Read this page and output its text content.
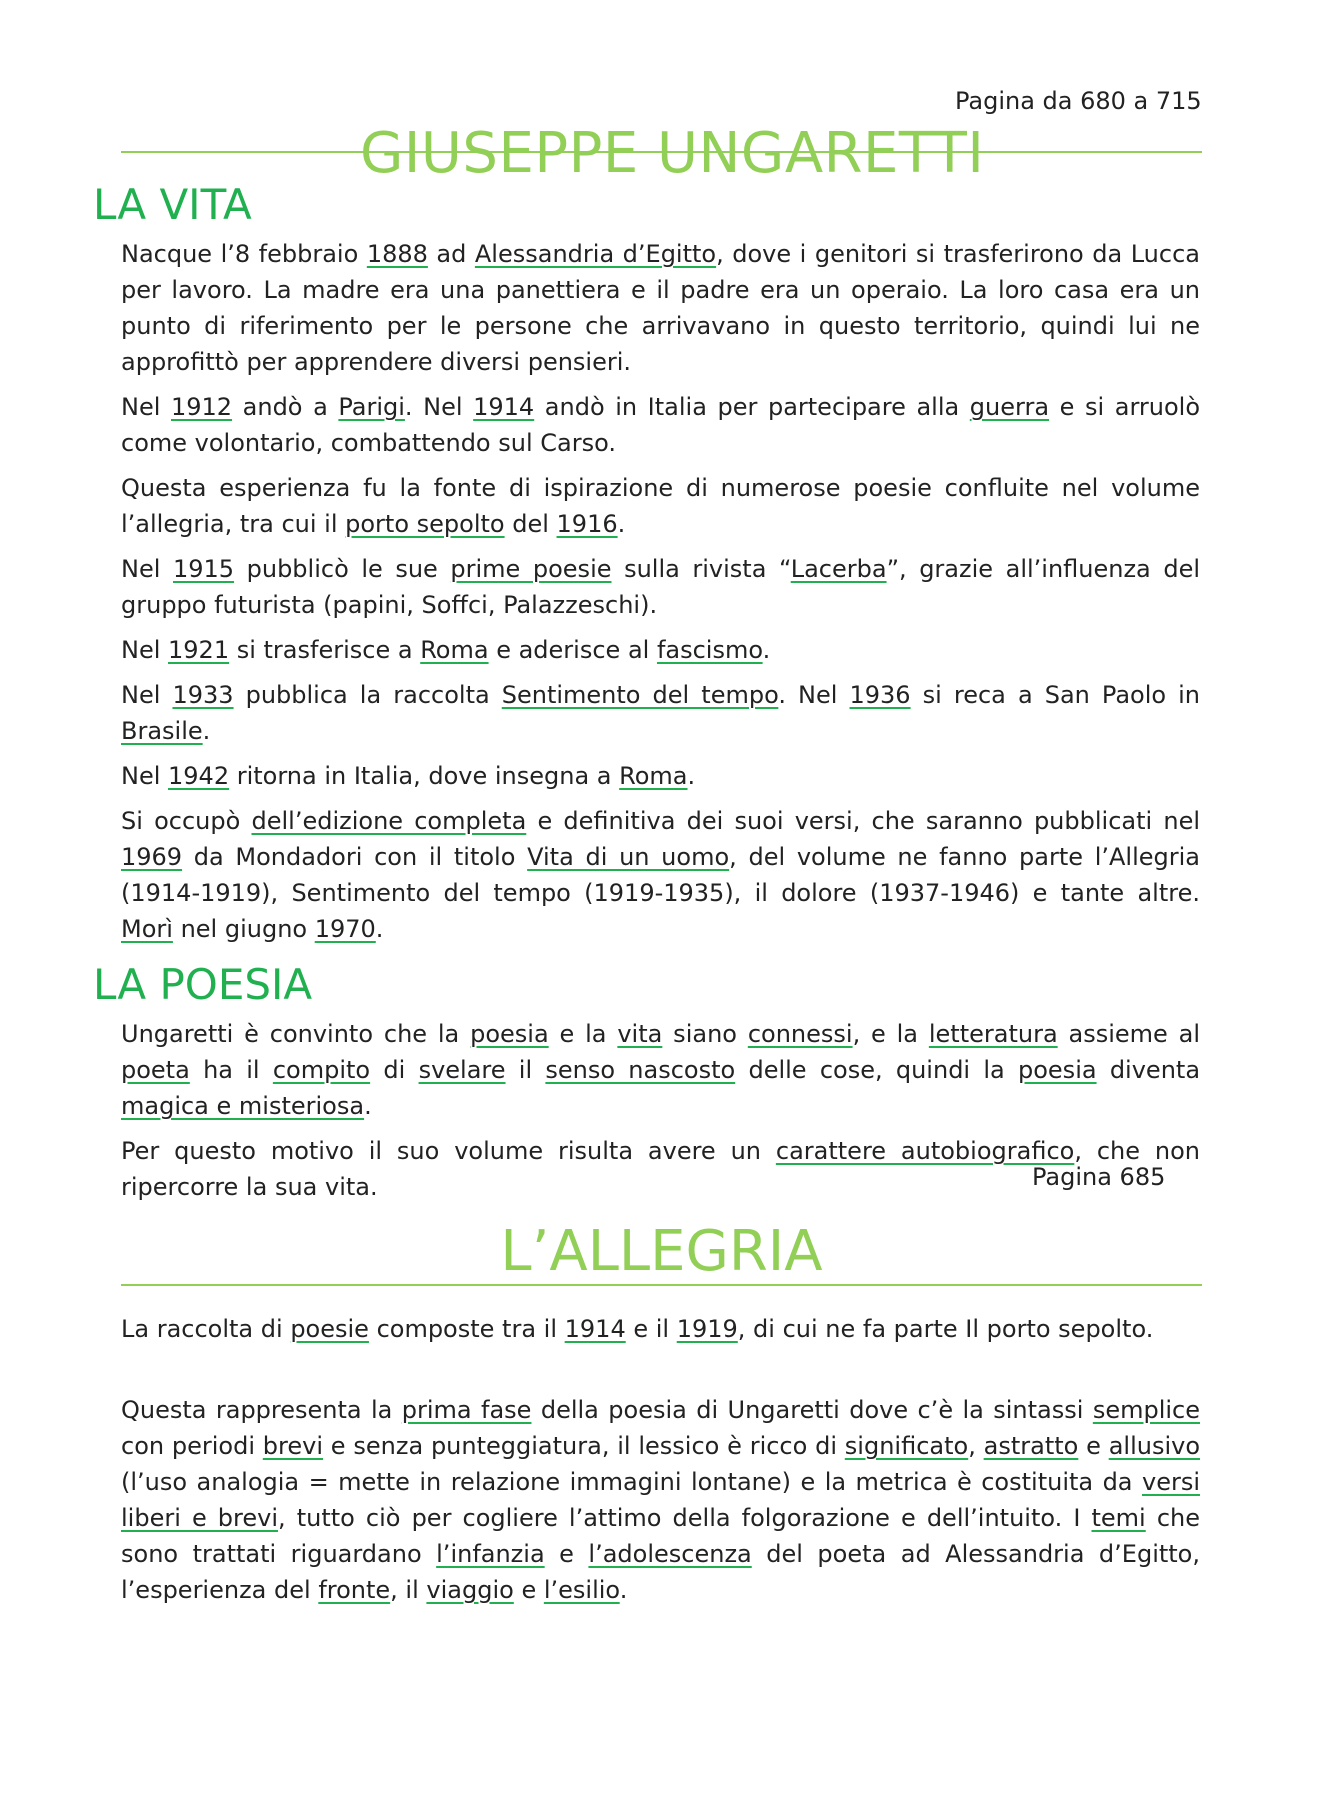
GIUSEPPE UNGARETTI
Pagina da 680 a 715
LA VITA

Nacque l’8 febbraio 1888 ad Alessandria d’Egitto, dove i genitori si trasferirono da Lucca per lavoro. La madre era una panettiera e il padre era un operaio. La loro casa era un punto di riferimento per le persone che arrivavano in questo territorio, quindi lui ne approfittò per apprendere diversi pensieri.

Nel 1912 andò a Parigi. Nel 1914 andò in Italia per partecipare alla guerra e si arruolò come volontario, combattendo sul Carso.

Questa esperienza fu la fonte di ispirazione di numerose poesie confluite nel volume l’allegria, tra cui il porto sepolto del 1916.

Nel 1915 pubblicò le sue prime poesie sulla rivista “Lacerba”, grazie all’influenza del gruppo futurista (papini, Soffci, Palazzeschi).

Nel 1921 si trasferisce a Roma e aderisce al fascismo.

Nel 1933 pubblica la raccolta Sentimento del tempo. Nel 1936 si reca a San Paolo in Brasile.

Nel 1942 ritorna in Italia, dove insegna a Roma.

Si occupò dell’edizione completa e definitiva dei suoi versi, che saranno pubblicati nel 1969 da Mondadori con il titolo Vita di un uomo, del volume ne fanno parte l’Allegria (1914-1919), Sentimento del tempo (1919-1935), il dolore (1937-1946) e tante altre. Morì nel giugno 1970.

LA POESIA

Ungaretti è convinto che la poesia e la vita siano connessi, e la letteratura assieme al poeta ha il compito di svelare il senso nascosto delle cose, quindi la poesia diventa magica e misteriosa.

Per questo motivo il suo volume risulta avere un carattere autobiografico, che non ripercorre la sua vita.	Pagina 685
L’ALLEGRIA

La raccolta di poesie composte tra il 1914 e il 1919, di cui ne fa parte Il porto sepolto.

Questa rappresenta la prima fase della poesia di Ungaretti dove c’è la sintassi semplice con periodi brevi e senza punteggiatura, il lessico è ricco di significato, astratto e allusivo (l’uso analogia = mette in relazione immagini lontane) e la metrica è costituita da versi liberi e brevi, tutto ciò per cogliere l’attimo della folgorazione e dell’intuito. I temi che sono trattati riguardano l’infanzia e l’adolescenza del poeta ad Alessandria d’Egitto, l’esperienza del fronte, il viaggio e l’esilio.
